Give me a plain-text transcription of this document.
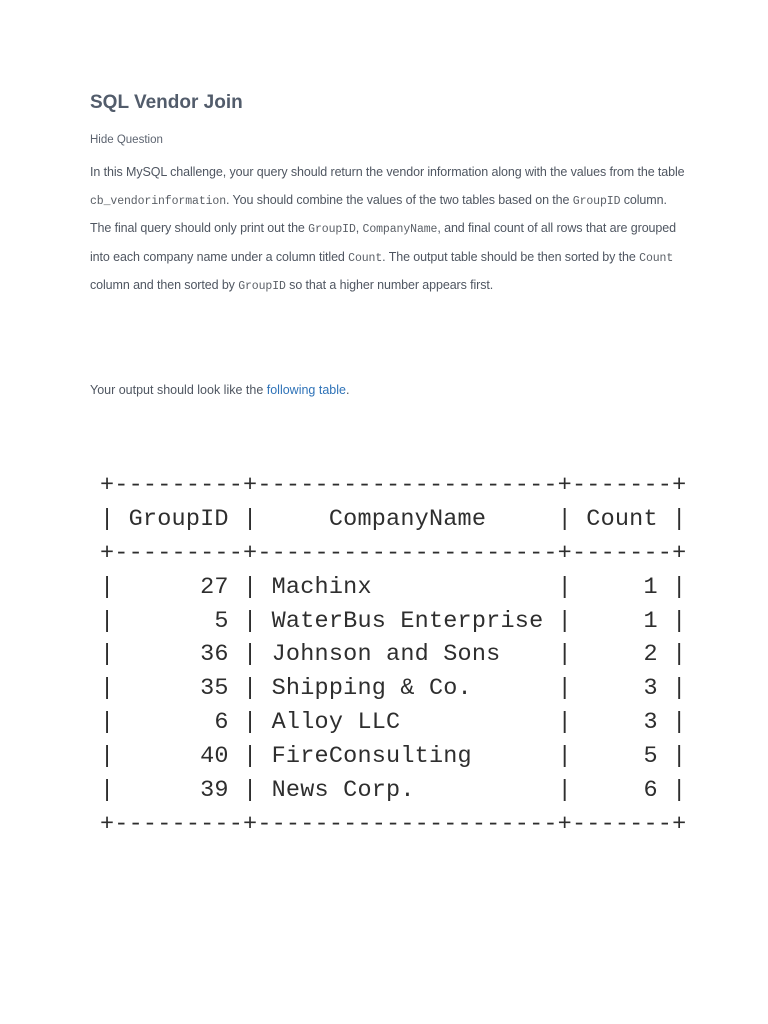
SQL Vendor Join
Hide Question

In this MySQL challenge, your query should return the vendor information along with the values from the table cb_vendorinformation. You should combine the values of the two tables based on the GroupID column. The final query should only print out the GroupID, CompanyName, and final count of all rows that are grouped into each company name under a column titled Count. The output table should be then sorted by the Count column and then sorted by GroupID so that a higher number appears first.

Your output should look like the following table.
+---------+---------------------+-------+
| GroupID |     CompanyName     | Count |
+---------+---------------------+-------+
|      27 | Machinx             |     1 |
|       5 | WaterBus Enterprise |     1 |
|      36 | Johnson and Sons    |     2 |
|      35 | Shipping & Co.      |     3 |
|       6 | Alloy LLC           |     3 |
|      40 | FireConsulting      |     5 |
|      39 | News Corp.          |     6 |
+---------+---------------------+-------+
